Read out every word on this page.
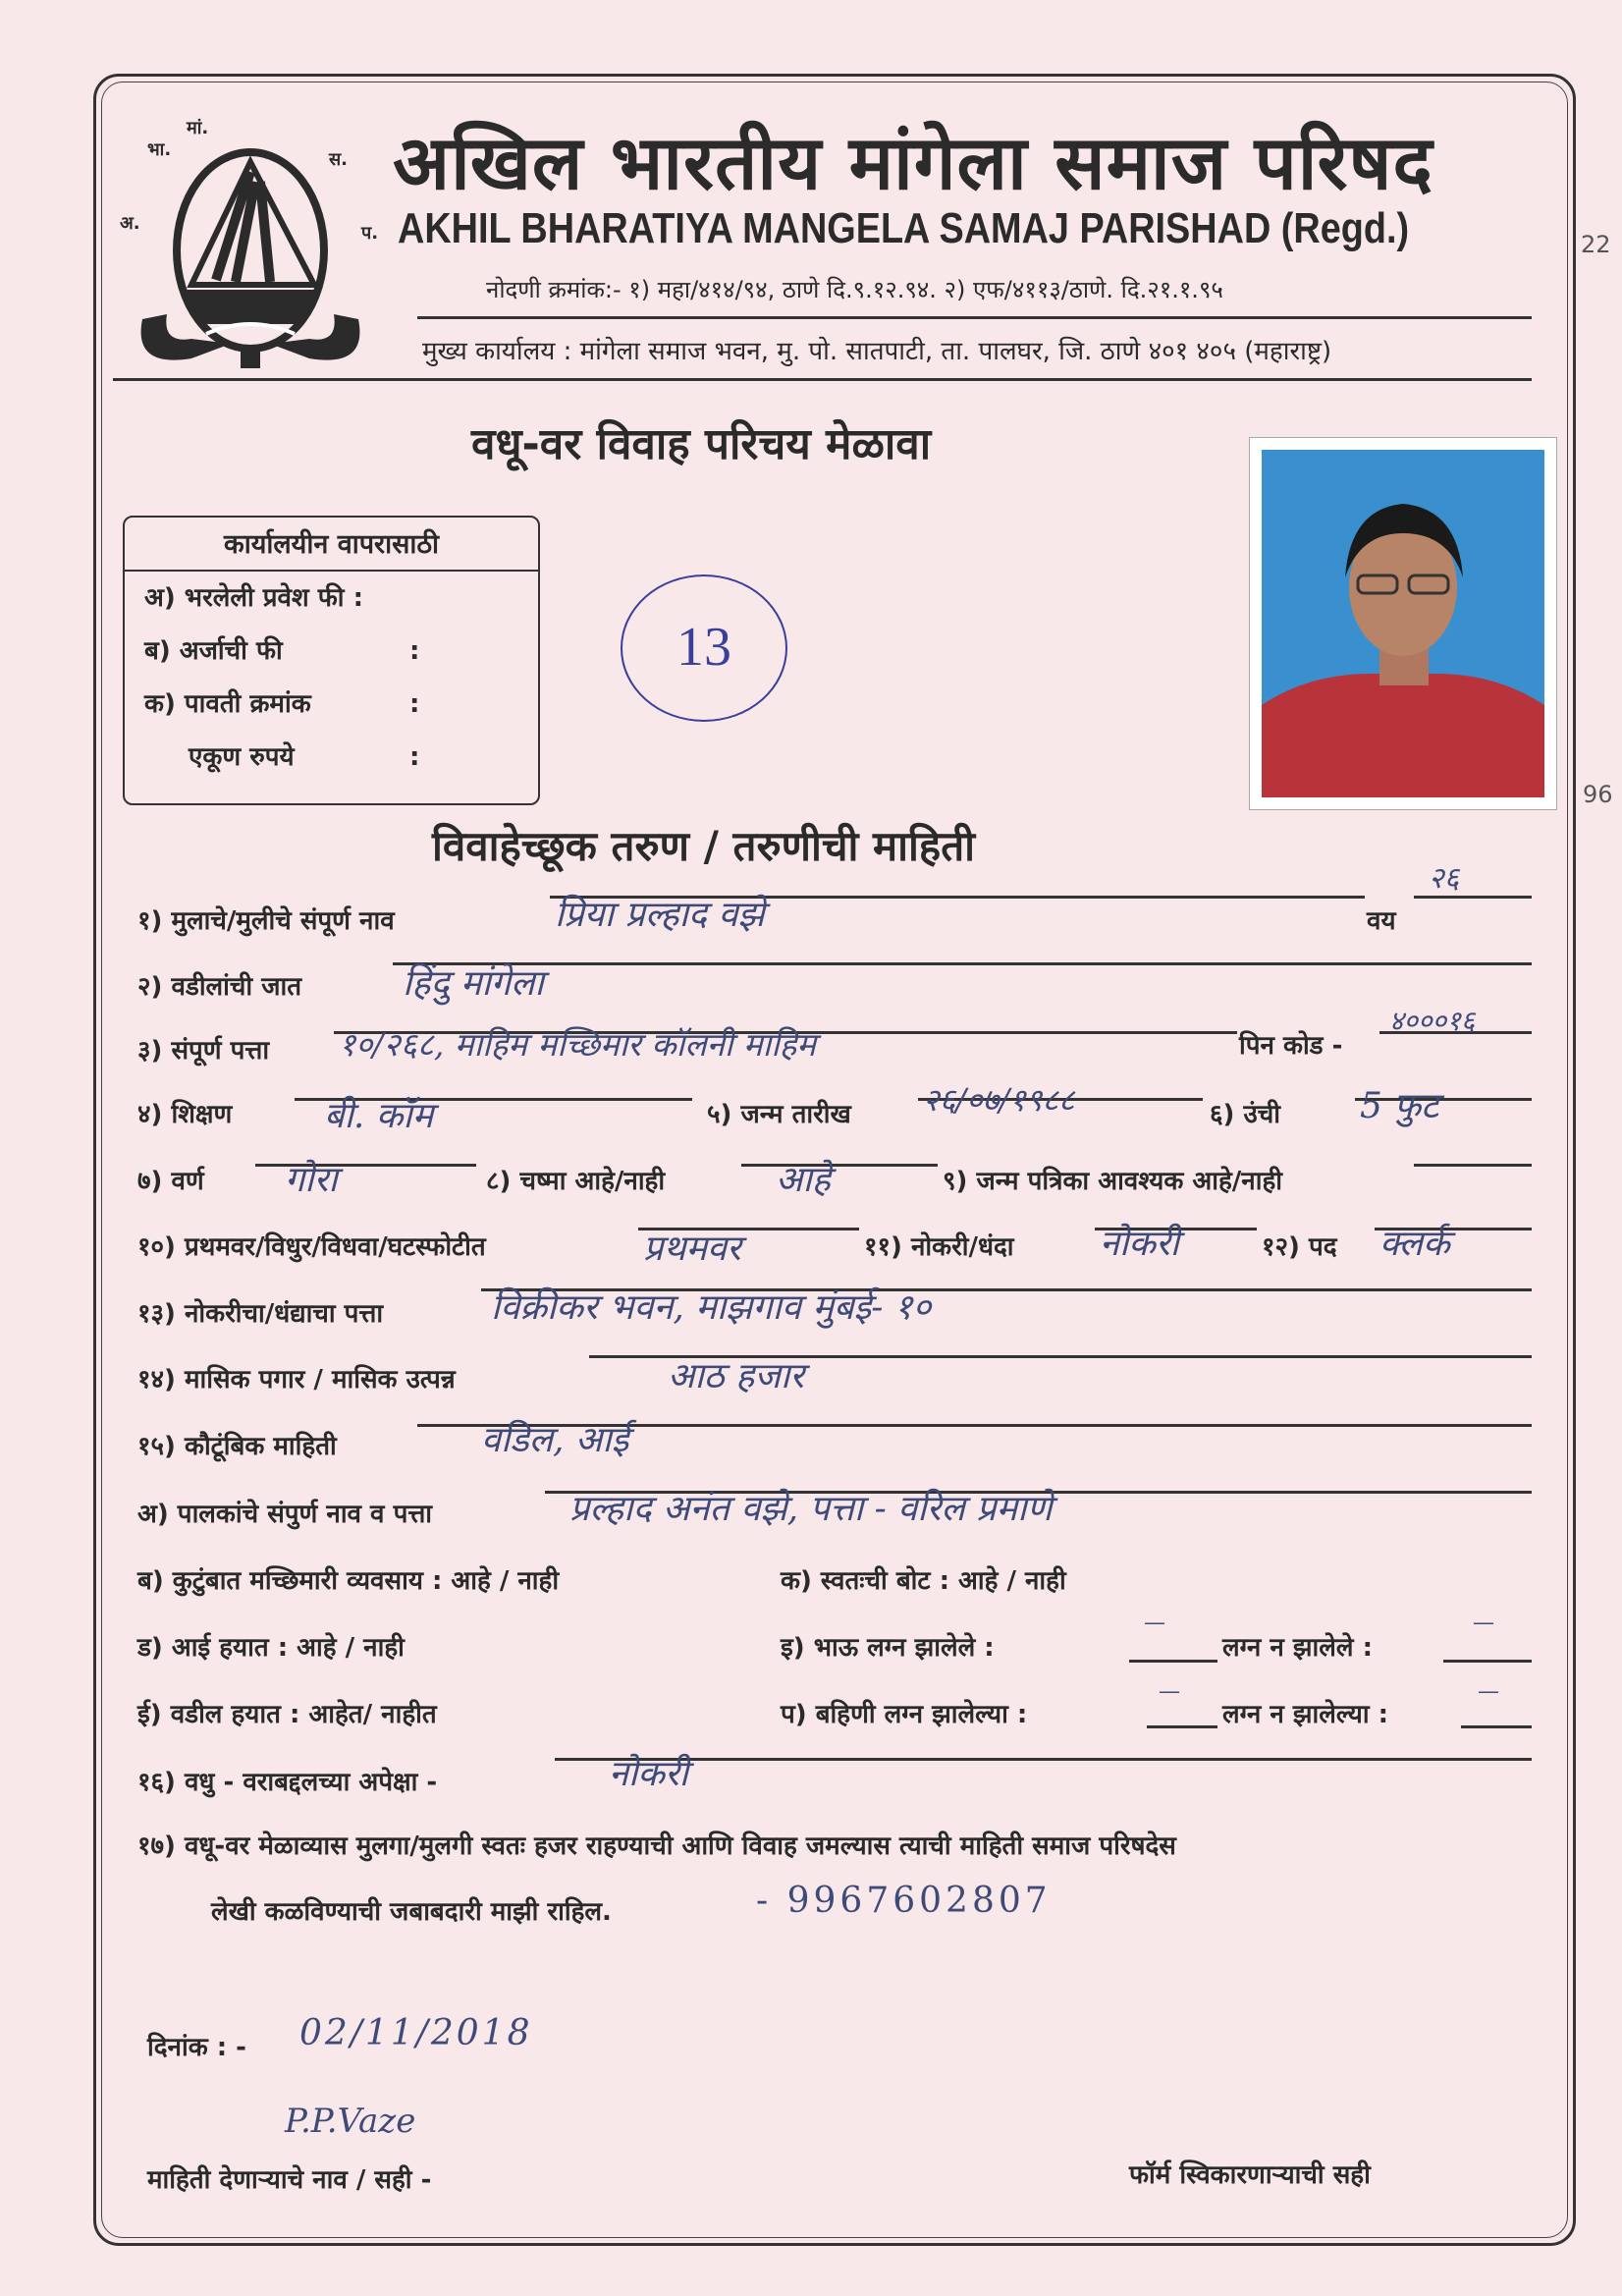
22
96
मां.
भा.
अ.
स.
प.
अखिल भारतीय मांगेला समाज परिषद
AKHIL BHARATIYA MANGELA SAMAJ PARISHAD (Regd.)
नोदणी क्रमांक:- १) महा/४१४/९४, ठाणे दि.९.१२.९४. २) एफ/४११३/ठाणे. दि.२१.१.९५
मुख्य कार्यालय : मांगेला समाज भवन, मु. पो. सातपाटी, ता. पालघर, जि. ठाणे ४०१ ४०५ (महाराष्ट्र)
वधू-वर विवाह परिचय मेळावा
कार्यालयीन वापरासाठी
अ) भरलेली प्रवेश फी :
ब) अर्जाची फी	:
क) पावती क्रमांक	:
एकूण रुपये	:
13
विवाहेच्छूक तरुण / तरुणीची माहिती
१) मुलाचे/मुलीचे संपूर्ण नाव	प्रिया प्रल्हाद वझे	वय
२६
२) वडीलांची जात	हिंदु मांगेला
३) संपूर्ण पत्ता १०/२६८, माहिम मच्छिमार कॉलनी माहिम	पिन कोड -
४०००१६
४) शिक्षण	बी. कॉम	५) जन्म तारीख २६/०७/१९८८	६) उंची 5 फुट
७) वर्ण गोरा	८) चष्मा आहे/नाही	आहे	९) जन्म पत्रिका आवश्यक आहे/नाही
१०) प्रथमवर/विधुर/विधवा/घटस्फोटीत	प्रथमवर	११) नोकरी/धंदा नोकरी	१२) पद क्लर्क
१३) नोकरीचा/धंद्याचा पत्ता	विक्रीकर भवन, माझगाव मुंबई- १०
१४) मासिक पगार / मासिक उत्पन्न	आठ हजार
१५) कौटूंबिक माहिती	वडिल, आई
अ) पालकांचे संपुर्ण नाव व पत्ता	प्रल्हाद अनंत वझे, पत्ता - वरिल प्रमाणे
ब) कुटुंबात मच्छिमारी व्यवसाय : आहे / नाही	क) स्वतःची बोट : आहे / नाही
ड) आई हयात : आहे / नाही	इ) भाऊ लग्न झालेले :
—
लग्न न झालेले :
—
ई) वडील हयात : आहेत/ नाहीत	प) बहिणी लग्न झालेल्या :
—
लग्न न झालेल्या :
—
१६) वधु - वराबद्दलच्या अपेक्षा -	नोकरी
१७) वधू-वर मेळाव्यास मुलगा/मुलगी स्वतः हजर राहण्याची आणि विवाह जमल्यास त्याची माहिती समाज परिषदेस
लेखी कळविण्याची जबाबदारी माझी राहिल.	- 9967602807
दिनांक : - 02/11/2018
P.P.Vaze
माहिती देणाऱ्याचे नाव / सही -	फॉर्म स्विकारणाऱ्याची सही
